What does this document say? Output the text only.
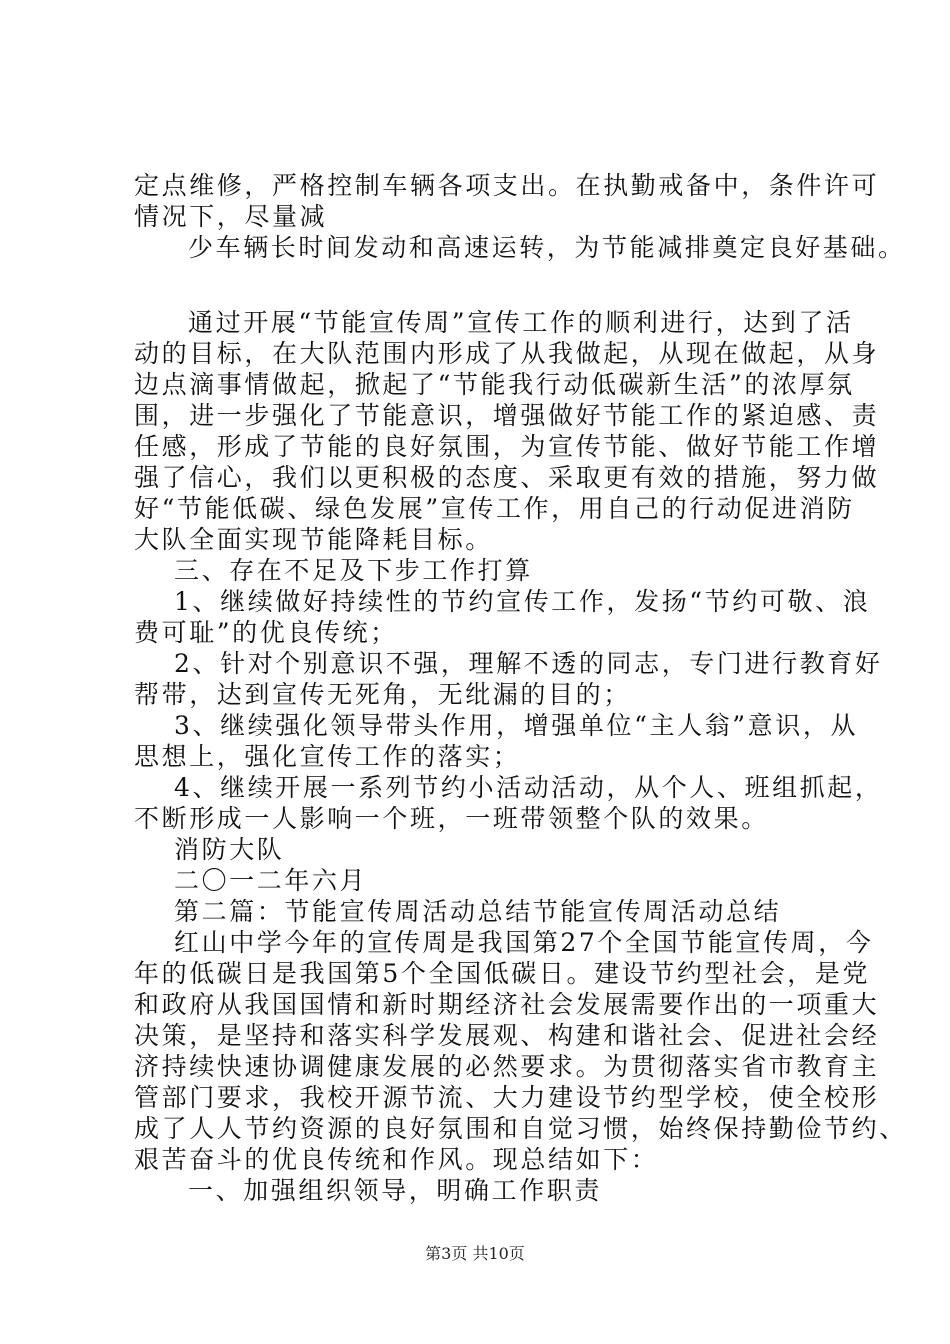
定点维修，严格控制车辆各项支出。在执勤戒备中，条件许可
情况下，尽量减
少车辆长时间发动和高速运转，为节能减排奠定良好基础。
通过开展“节能宣传周”宣传工作的顺利进行，达到了活
动的目标，在大队范围内形成了从我做起，从现在做起，从身
边点滴事情做起，掀起了“节能我行动低碳新生活”的浓厚氛
围，进一步强化了节能意识，增强做好节能工作的紧迫感、责
任感，形成了节能的良好氛围，为宣传节能、做好节能工作增
强了信心，我们以更积极的态度、采取更有效的措施，努力做
好“节能低碳、绿色发展”宣传工作，用自己的行动促进消防
大队全面实现节能降耗目标。
三、存在不足及下步工作打算
1、继续做好持续性的节约宣传工作，发扬“节约可敬、浪
费可耻”的优良传统；
2、针对个别意识不强，理解不透的同志，专门进行教育好
帮带，达到宣传无死角，无纰漏的目的；
3、继续强化领导带头作用，增强单位“主人翁”意识，从
思想上，强化宣传工作的落实；
4、继续开展一系列节约小活动活动，从个人、班组抓起，
不断形成一人影响一个班，一班带领整个队的效果。
消防大队
二〇一二年六月
第二篇：节能宣传周活动总结节能宣传周活动总结
红山中学今年的宣传周是我国第27个全国节能宣传周，今
年的低碳日是我国第5个全国低碳日。建设节约型社会，是党
和政府从我国国情和新时期经济社会发展需要作出的一项重大
决策，是坚持和落实科学发展观、构建和谐社会、促进社会经
济持续快速协调健康发展的必然要求。为贯彻落实省市教育主
管部门要求，我校开源节流、大力建设节约型学校，使全校形
成了人人节约资源的良好氛围和自觉习惯，始终保持勤俭节约、
艰苦奋斗的优良传统和作风。现总结如下：
一、加强组织领导，明确工作职责
第3页 共10页
